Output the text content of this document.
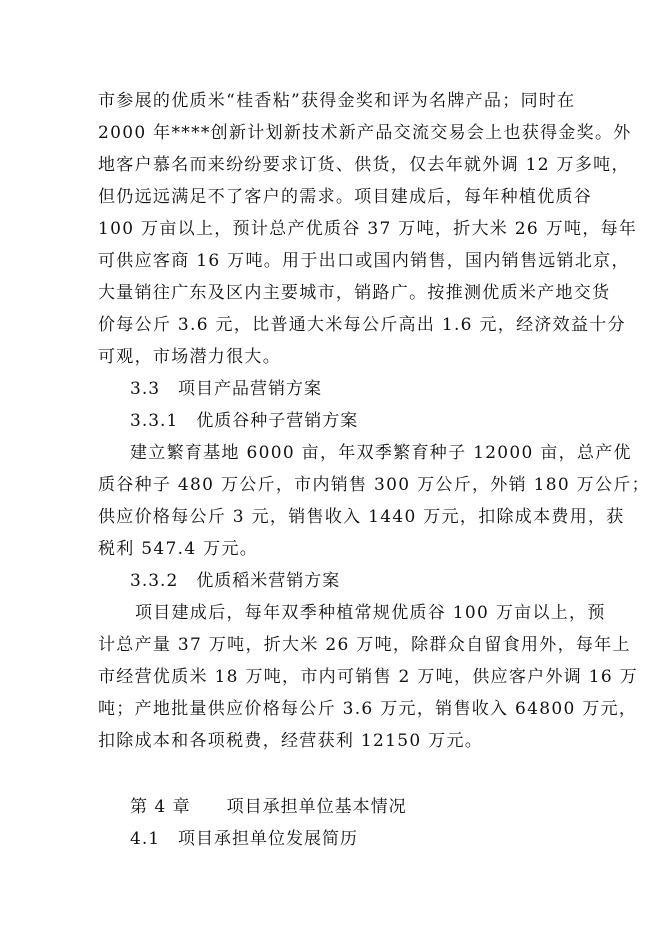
市参展的优质米“桂香粘”获得金奖和评为名牌产品；同时在
2000 年****创新计划新技术新产品交流交易会上也获得金奖。外
地客户慕名而来纷纷要求订货、供货，仅去年就外调 12 万多吨，
但仍远远满足不了客户的需求。项目建成后，每年种植优质谷
100 万亩以上，预计总产优质谷 37 万吨，折大米 26 万吨，每年
可供应客商 16 万吨。用于出口或国内销售，国内销售远销北京，
大量销往广东及区内主要城市，销路广。按推测优质米产地交货
价每公斤 3.6 元，比普通大米每公斤高出 1.6 元，经济效益十分
可观，市场潜力很大。
3.3　项目产品营销方案
3.3.1　优质谷种子营销方案
建立繁育基地 6000 亩，年双季繁育种子 12000 亩，总产优
质谷种子 480 万公斤，市内销售 300 万公斤，外销 180 万公斤；
供应价格每公斤 3 元，销售收入 1440 万元，扣除成本费用，获
税利 547.4 万元。
3.3.2　优质稻米营销方案
项目建成后，每年双季种植常规优质谷 100 万亩以上，预
计总产量 37 万吨，折大米 26 万吨，除群众自留食用外，每年上
市经营优质米 18 万吨，市内可销售 2 万吨，供应客户外调 16 万
吨；产地批量供应价格每公斤 3.6 万元，销售收入 64800 万元，
扣除成本和各项税费，经营获利 12150 万元。
第 4 章　　项目承担单位基本情况
4.1　项目承担单位发展简历
